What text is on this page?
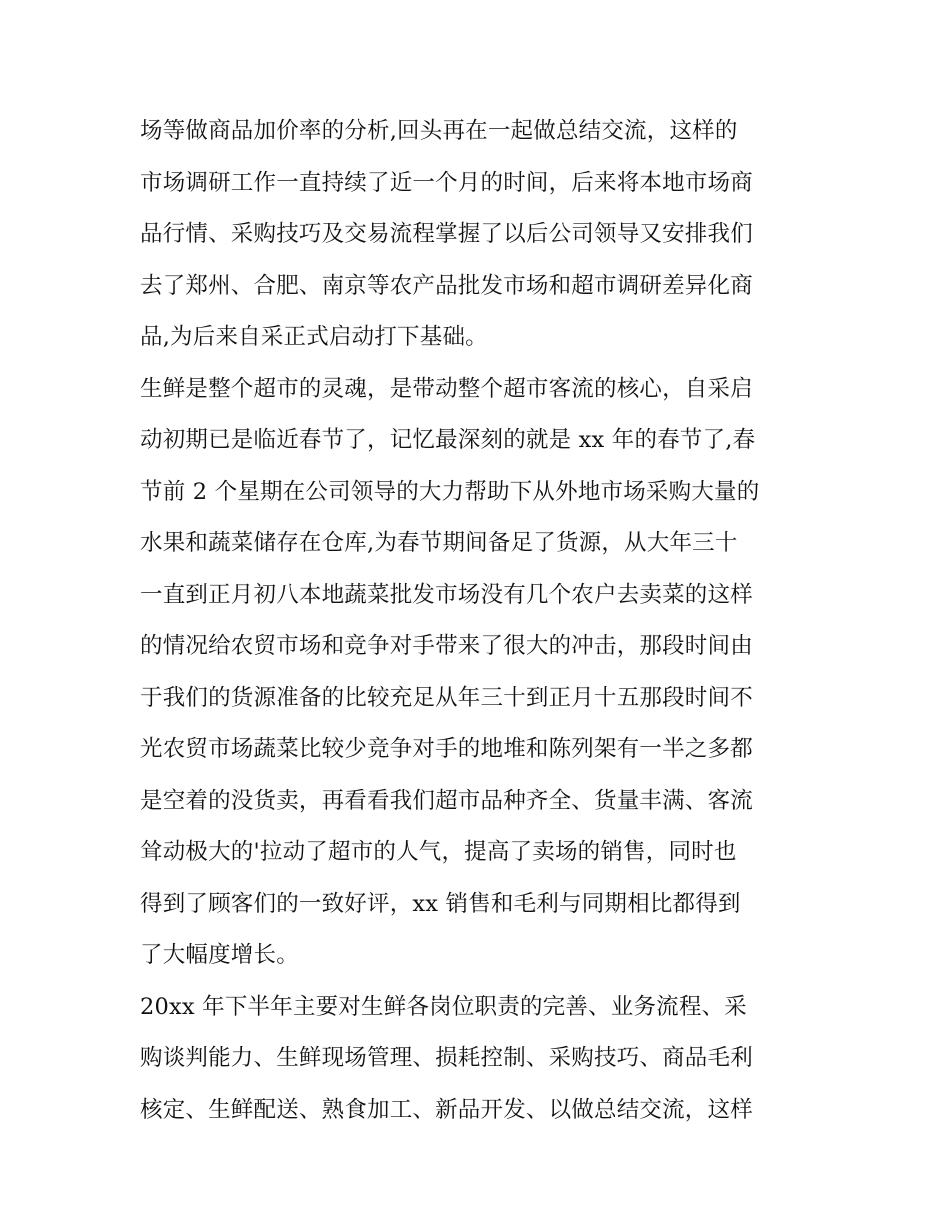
场等做商品加价率的分析,回头再在一起做总结交流，这样的
市场调研工作一直持续了近一个月的时间，后来将本地市场商
品行情、采购技巧及交易流程掌握了以后公司领导又安排我们
去了郑州、合肥、南京等农产品批发市场和超市调研差异化商
品,为后来自采正式启动打下基础。
生鲜是整个超市的灵魂，是带动整个超市客流的核心，自采启
动初期已是临近春节了，记忆最深刻的就是 xx 年的春节了,春
节前 2 个星期在公司领导的大力帮助下从外地市场采购大量的
水果和蔬菜储存在仓库,为春节期间备足了货源，从大年三十
一直到正月初八本地蔬菜批发市场没有几个农户去卖菜的这样
的情况给农贸市场和竞争对手带来了很大的冲击，那段时间由
于我们的货源准备的比较充足从年三十到正月十五那段时间不
光农贸市场蔬菜比较少竞争对手的地堆和陈列架有一半之多都
是空着的没货卖，再看看我们超市品种齐全、货量丰满、客流
耸动极大的'拉动了超市的人气，提高了卖场的销售，同时也
得到了顾客们的一致好评，xx 销售和毛利与同期相比都得到
了大幅度增长。
20xx 年下半年主要对生鲜各岗位职责的完善、业务流程、采
购谈判能力、生鲜现场管理、损耗控制、采购技巧、商品毛利
核定、生鲜配送、熟食加工、新品开发、以做总结交流，这样
